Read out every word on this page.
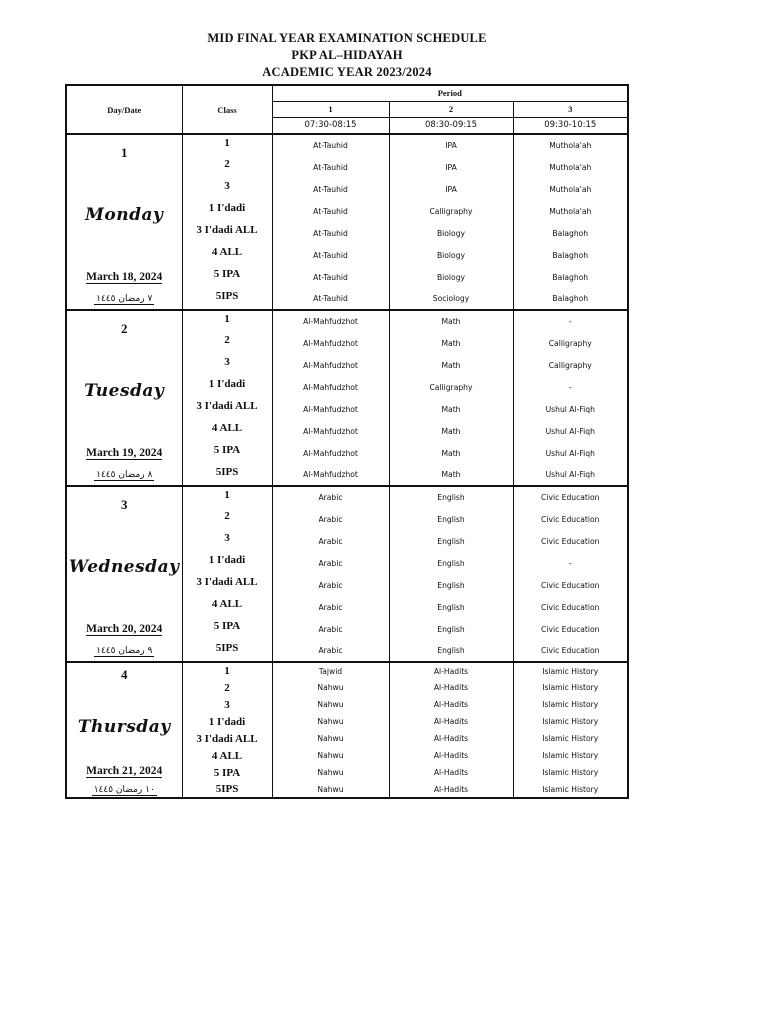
MID FINAL YEAR EXAMINATION SCHEDULE
PKP AL–HIDAYAH
ACADEMIC YEAR 2023/2024
Day/Date	Class	Period		
		1	2	3
		07:30-08:15	08:30-09:15	09:30-10:15

1
Monday
March 18, 2024
٧ رمضان ١٤٤٥	1	At-Tauhid	IPA	Muthola'ah
	2	At-Tauhid	IPA	Muthola'ah
	3	At-Tauhid	IPA	Muthola'ah
	1 I'dadi	At-Tauhid	Calligraphy	Muthola'ah
	3 I'dadi ALL	At-Tauhid	Biology	Balaghoh
	4 ALL	At-Tauhid	Biology	Balaghoh
	5 IPA	At-Tauhid	Biology	Balaghoh
	5IPS	At-Tauhid	Sociology	Balaghoh

2
Tuesday
March 19, 2024
٨ رمضان ١٤٤٥	1	Al-Mahfudzhot	Math	-
	2	Al-Mahfudzhot	Math	Calligraphy
	3	Al-Mahfudzhot	Math	Calligraphy
	1 I'dadi	Al-Mahfudzhot	Calligraphy	-
	3 I'dadi ALL	Al-Mahfudzhot	Math	Ushul Al-Fiqh
	4 ALL	Al-Mahfudzhot	Math	Ushul Al-Fiqh
	5 IPA	Al-Mahfudzhot	Math	Ushul Al-Fiqh
	5IPS	Al-Mahfudzhot	Math	Ushul Al-Fiqh

3
Wednesday
March 20, 2024
٩ رمضان ١٤٤٥	1	Arabic	English	Civic Education
	2	Arabic	English	Civic Education
	3	Arabic	English	Civic Education
	1 I'dadi	Arabic	English	-
	3 I'dadi ALL	Arabic	English	Civic Education
	4 ALL	Arabic	English	Civic Education
	5 IPA	Arabic	English	Civic Education
	5IPS	Arabic	English	Civic Education

4
Thursday
March 21, 2024
١٠ رمضان ١٤٤٥	1	Tajwid	Al-Hadits	Islamic History
	2	Nahwu	Al-Hadits	Islamic History
	3	Nahwu	Al-Hadits	Islamic History
	1 I'dadi	Nahwu	Al-Hadits	Islamic History
	3 I'dadi ALL	Nahwu	Al-Hadits	Islamic History
	4 ALL	Nahwu	Al-Hadits	Islamic History
	5 IPA	Nahwu	Al-Hadits	Islamic History
	5IPS	Nahwu	Al-Hadits	Islamic History
